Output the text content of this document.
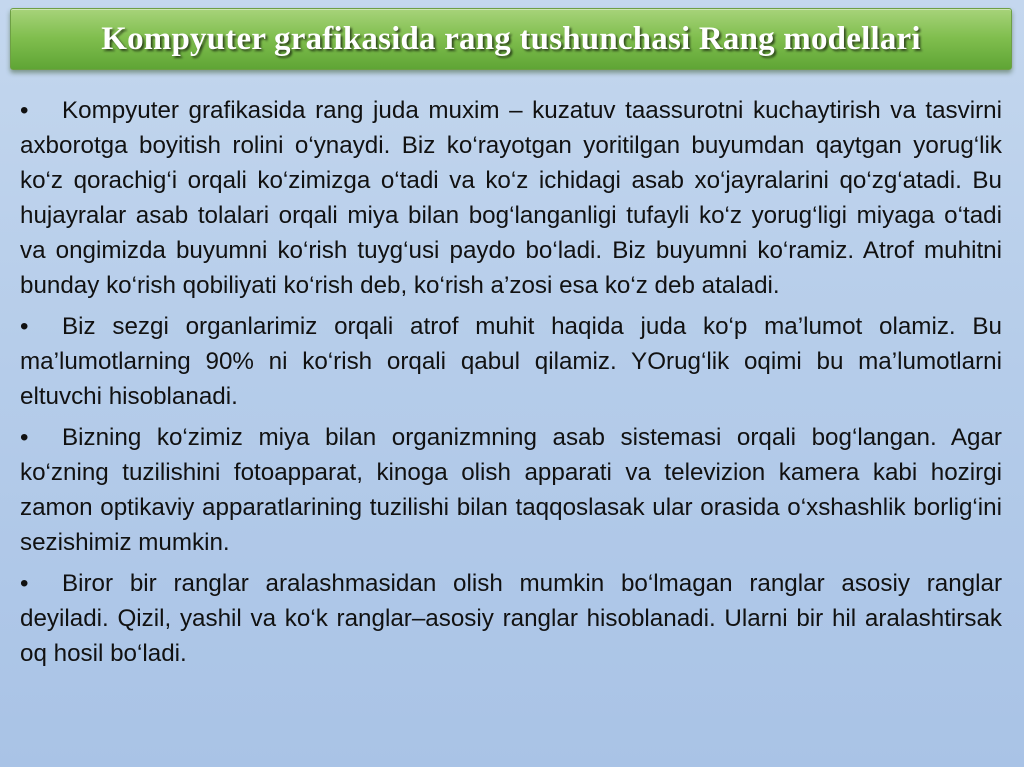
Kompyuter grafikasida rang tushunchasi Rang modellari

• Kompyuter grafikasida rang juda muxim – kuzatuv taassurotni kuchaytirish va tasvirni axborotga boyitish rolini o‘ynaydi. Biz ko‘rayotgan yoritilgan buyumdan qaytgan yorug‘lik ko‘z qorachig‘i orqali ko‘zimizga o‘tadi va ko‘z ichidagi asab xo‘jayralarini qo‘zg‘atadi. Bu hujayralar asab tolalari orqali miya bilan bog‘langanligi tufayli ko‘z yorug‘ligi miyaga o‘tadi va ongimizda buyumni ko‘rish tuyg‘usi paydo bo‘ladi. Biz buyumni ko‘ramiz. Atrof muhitni bunday ko‘rish qobiliyati ko‘rish deb, ko‘rish a’zosi esa ko‘z deb ataladi.

• Biz sezgi organlarimiz orqali atrof muhit haqida juda ko‘p ma’lumot olamiz. Bu ma’lumotlarning 90% ni ko‘rish orqali qabul qilamiz. YOrug‘lik oqimi bu ma’lumotlarni eltuvchi hisoblanadi.

• Bizning ko‘zimiz miya bilan organizmning asab sistemasi orqali bog‘langan. Agar ko‘zning tuzilishini fotoapparat, kinoga olish apparati va televizion kamera kabi hozirgi zamon optikaviy apparatlarining tuzilishi bilan taqqoslasak ular orasida o‘xshashlik borlig‘ini sezishimiz mumkin.

• Biror bir ranglar aralashmasidan olish mumkin bo‘lmagan ranglar asosiy ranglar deyiladi. Qizil, yashil va ko‘k ranglar–asosiy ranglar hisoblanadi. Ularni bir hil aralashtirsak oq hosil bo‘ladi.
